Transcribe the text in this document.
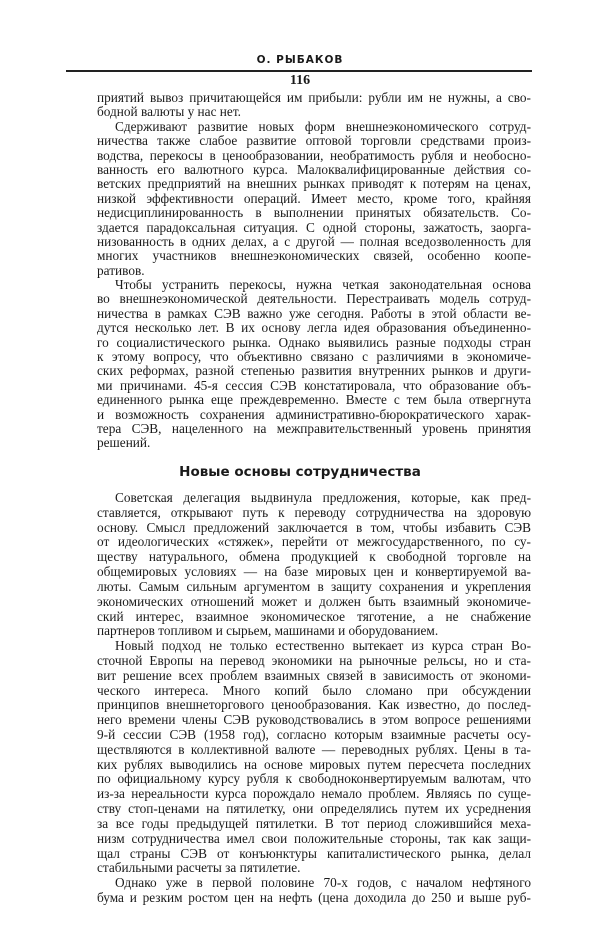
О. РЫБАКОВ
116
приятий вывоз причитающейся им прибыли: рубли им не нужны, а сво-
бодной валюты у нас нет.
Сдерживают развитие новых форм внешнеэкономического сотруд-
ничества также слабое развитие оптовой торговли средствами произ-
водства, перекосы в ценообразовании, необратимость рубля и необосно-
ванность его валютного курса. Малоквалифицированные действия со-
ветских предприятий на внешних рынках приводят к потерям на ценах,
низкой эффективности операций. Имеет место, кроме того, крайняя
недисциплинированность в выполнении принятых обязательств. Со-
здается парадоксальная ситуация. С одной стороны, зажатость, заорга-
низованность в одних делах, а с другой — полная вседозволенность для
многих участников внешнеэкономических связей, особенно коопе-
ративов.
Чтобы устранить перекосы, нужна четкая законодательная основа
во внешнеэкономической деятельности. Перестраивать модель сотруд-
ничества в рамках СЭВ важно уже сегодня. Работы в этой области ве-
дутся несколько лет. В их основу легла идея образования объединенно-
го социалистического рынка. Однако выявились разные подходы стран
к этому вопросу, что объективно связано с различиями в экономиче-
ских реформах, разной степенью развития внутренних рынков и други-
ми причинами. 45-я сессия СЭВ констатировала, что образование объ-
единенного рынка еще преждевременно. Вместе с тем была отвергнута
и возможность сохранения административно-бюрократического харак-
тера СЭВ, нацеленного на межправительственный уровень принятия
решений.
Новые основы сотрудничества
Советская делегация выдвинула предложения, которые, как пред-
ставляется, открывают путь к переводу сотрудничества на здоровую
основу. Смысл предложений заключается в том, чтобы избавить СЭВ
от идеологических «стяжек», перейти от межгосударственного, по су-
ществу натурального, обмена продукцией к свободной торговле на
общемировых условиях — на базе мировых цен и конвертируемой ва-
люты. Самым сильным аргументом в защиту сохранения и укрепления
экономических отношений может и должен быть взаимный экономиче-
ский интерес, взаимное экономическое тяготение, а не снабжение
партнеров топливом и сырьем, машинами и оборудованием.
Новый подход не только естественно вытекает из курса стран Во-
сточной Европы на перевод экономики на рыночные рельсы, но и ста-
вит решение всех проблем взаимных связей в зависимость от экономи-
ческого интереса. Много копий было сломано при обсуждении
принципов внешнеторгового ценообразования. Как известно, до послед-
него времени члены СЭВ руководствовались в этом вопросе решениями
9-й сессии СЭВ (1958 год), согласно которым взаимные расчеты осу-
ществляются в коллективной валюте — переводных рублях. Цены в та-
ких рублях выводились на основе мировых путем пересчета последних
по официальному курсу рубля к свободноконвертируемым валютам, что
из-за нереальности курса порождало немало проблем. Являясь по суще-
ству стоп-ценами на пятилетку, они определялись путем их усреднения
за все годы предыдущей пятилетки. В тот период сложившийся меха-
низм сотрудничества имел свои положительные стороны, так как защи-
щал страны СЭВ от конъюнктуры капиталистического рынка, делал
стабильными расчеты за пятилетие.
Однако уже в первой половине 70-х годов, с началом нефтяного
бума и резким ростом цен на нефть (цена доходила до 250 и выше руб-
